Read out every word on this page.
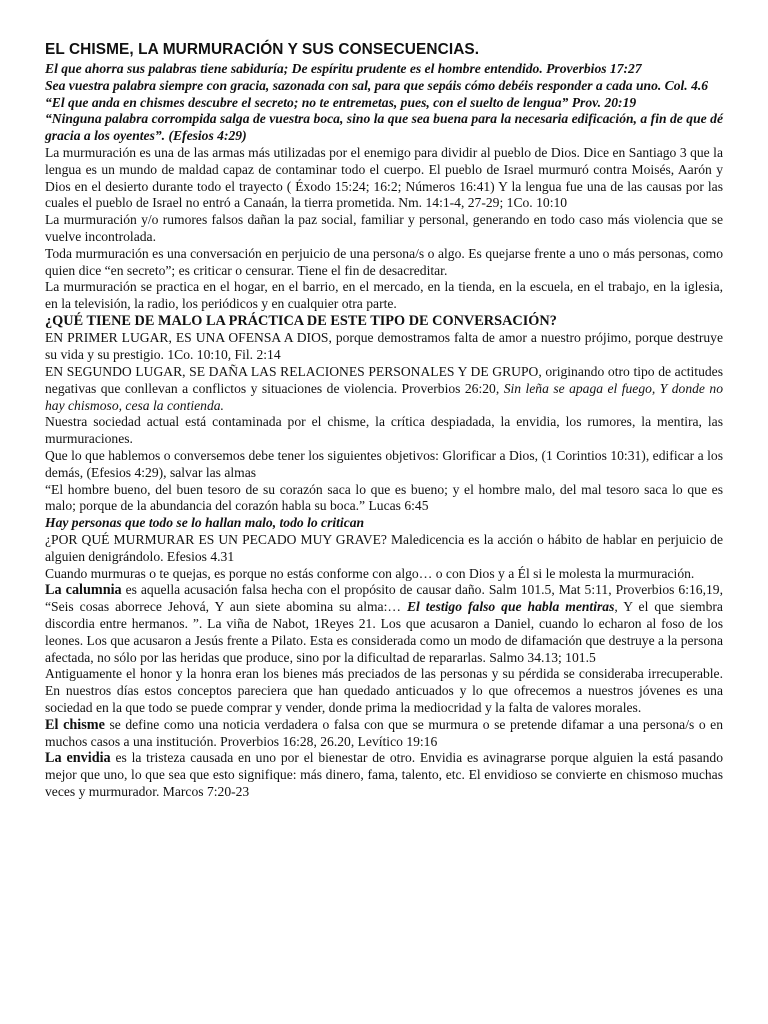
EL CHISME, LA MURMURACIÓN Y SUS CONSECUENCIAS.

El que ahorra sus palabras tiene sabiduría; De espíritu prudente es el hombre entendido. Proverbios 17:27

Sea vuestra palabra siempre con gracia, sazonada con sal, para que sepáis cómo debéis responder a cada uno. Col. 4.6

“El que anda en chismes descubre el secreto; no te entremetas, pues, con el suelto de lengua” Prov. 20:19

“Ninguna palabra corrompida salga de vuestra boca, sino la que sea buena para la necesaria edificación, a fin de que dé gracia a los oyentes”. (Efesios 4:29)

La murmuración es una de las armas más utilizadas por el enemigo para dividir al pueblo de Dios. Dice en Santiago 3 que la lengua es un mundo de maldad capaz de contaminar todo el cuerpo. El pueblo de Israel murmuró contra Moisés, Aarón y Dios en el desierto durante todo el trayecto ( Éxodo 15:24; 16:2; Números 16:41) Y la lengua fue una de las causas por las cuales el pueblo de Israel no entró a Canaán, la tierra prometida. Nm. 14:1-4, 27-29; 1Co. 10:10

La murmuración y/o rumores falsos dañan la paz social, familiar y personal, generando en todo caso más violencia que se vuelve incontrolada.

Toda murmuración es una conversación en perjuicio de una persona/s o algo. Es quejarse frente a uno o más personas, como quien dice “en secreto”; es criticar o censurar. Tiene el fin de desacreditar.

La murmuración se practica en el hogar, en el barrio, en el mercado, en la tienda, en la escuela, en el trabajo, en la iglesia, en la televisión, la radio, los periódicos y en cualquier otra parte.

¿QUÉ TIENE DE MALO LA PRÁCTICA DE ESTE TIPO DE CONVERSACIÓN?

EN PRIMER LUGAR, ES UNA OFENSA A DIOS, porque demostramos falta de amor a nuestro prójimo, porque destruye su vida y su prestigio. 1Co. 10:10, Fil. 2:14

EN SEGUNDO LUGAR, SE DAÑA LAS RELACIONES PERSONALES Y DE GRUPO, originando otro tipo de actitudes negativas que conllevan a conflictos y situaciones de violencia. Proverbios 26:20, Sin leña se apaga el fuego, Y donde no hay chismoso, cesa la contienda.

Nuestra sociedad actual está contaminada por el chisme, la crítica despiadada, la envidia, los rumores, la mentira, las murmuraciones.

Que lo que hablemos o conversemos debe tener los siguientes objetivos: Glorificar a Dios, (1 Corintios 10:31), edificar a los demás, (Efesios 4:29), salvar las almas

“El hombre bueno, del buen tesoro de su corazón saca lo que es bueno; y el hombre malo, del mal tesoro saca lo que es malo; porque de la abundancia del corazón habla su boca.” Lucas 6:45

Hay personas que todo se lo hallan malo, todo lo critican

¿POR QUÉ MURMURAR ES UN PECADO MUY GRAVE? Maledicencia es la acción o hábito de hablar en perjuicio de alguien denigrándolo. Efesios 4.31

Cuando murmuras o te quejas, es porque no estás conforme con algo… o con Dios y a Él si le molesta la murmuración.

La calumnia es aquella acusación falsa hecha con el propósito de causar daño. Salm 101.5, Mat 5:11, Proverbios 6:16,19, “Seis cosas aborrece Jehová, Y aun siete abomina su alma:… El testigo falso que habla mentiras, Y el que siembra discordia entre hermanos. ”. La viña de Nabot, 1Reyes 21. Los que acusaron a Daniel, cuando lo echaron al foso de los leones. Los que acusaron a Jesús frente a Pilato. Esta es considerada como un modo de difamación que destruye a la persona afectada, no sólo por las heridas que produce, sino por la dificultad de repararlas. Salmo 34.13; 101.5

Antiguamente el honor y la honra eran los bienes más preciados de las personas y su pérdida se consideraba irrecuperable. En nuestros días estos conceptos pareciera que han quedado anticuados y lo que ofrecemos a nuestros jóvenes es una sociedad en la que todo se puede comprar y vender, donde prima la mediocridad y la falta de valores morales.

El chisme se define como una noticia verdadera o falsa con que se murmura o se pretende difamar a una persona/s o en muchos casos a una institución. Proverbios 16:28, 26.20, Levítico 19:16

La envidia es la tristeza causada en uno por el bienestar de otro. Envidia es avinagrarse porque alguien la está pasando mejor que uno, lo que sea que esto signifique: más dinero, fama, talento, etc. El envidioso se convierte en chismoso muchas veces y murmurador. Marcos 7:20-23
